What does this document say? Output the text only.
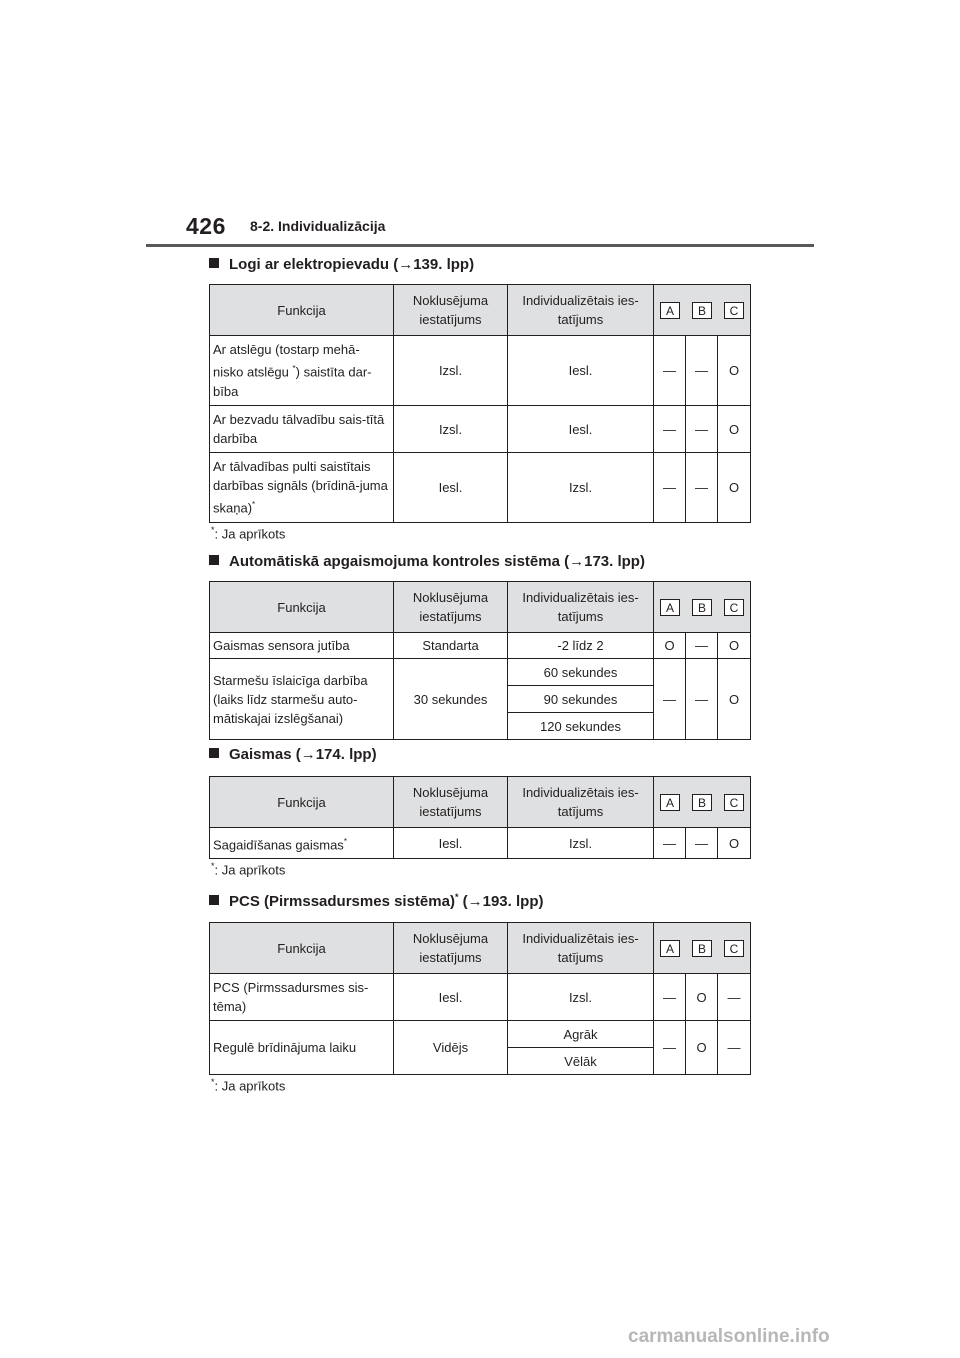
426 8-2. Individualizācija
Logi ar elektropievadu (→139. lpp)
Funkcija	Noklusējuma iestatījums	Individualizētais ies-tatījums	A B C		

Ar atslēgu (tostarp mehā-nisko atslēgu *) saistīta dar-bība	Izsl.	Iesl.	—	—	O
Ar bezvadu tālvadību sais-tītā darbība	Izsl.	Iesl.	—	—	O
Ar tālvadības pulti saistītais darbības signāls (brīdinā-juma skaņa)*	Iesl.	Izsl.	—	—	O
*: Ja aprīkots
Automātiskā apgaismojuma kontroles sistēma (→173. lpp)
Funkcija	Noklusējuma iestatījums	Individualizētais ies-tatījums	A B C		

Gaismas sensora jutība	Standarta	-2 līdz 2	O	—	O
Starmešu īslaicīga darbība (laiks līdz starmešu auto-mātiskajai izslēgšanai)	30 sekundes	60 sekundes	—	—	O
		90 sekundes			
		120 sekundes			
Gaismas (→174. lpp)
Funkcija	Noklusējuma iestatījums	Individualizētais ies-tatījums	A B C		

Sagaidīšanas gaismas*	Iesl.	Izsl.	—	—	O
*: Ja aprīkots
PCS (Pirmssadursmes sistēma)* (→193. lpp)
Funkcija	Noklusējuma iestatījums	Individualizētais ies-tatījums	A B C		

PCS (Pirmssadursmes sis-tēma)	Iesl.	Izsl.	—	O	—
Regulē brīdinājuma laiku	Vidējs	Agrāk	—	O	—
		Vēlāk			
*: Ja aprīkots
carmanualsonline.info
